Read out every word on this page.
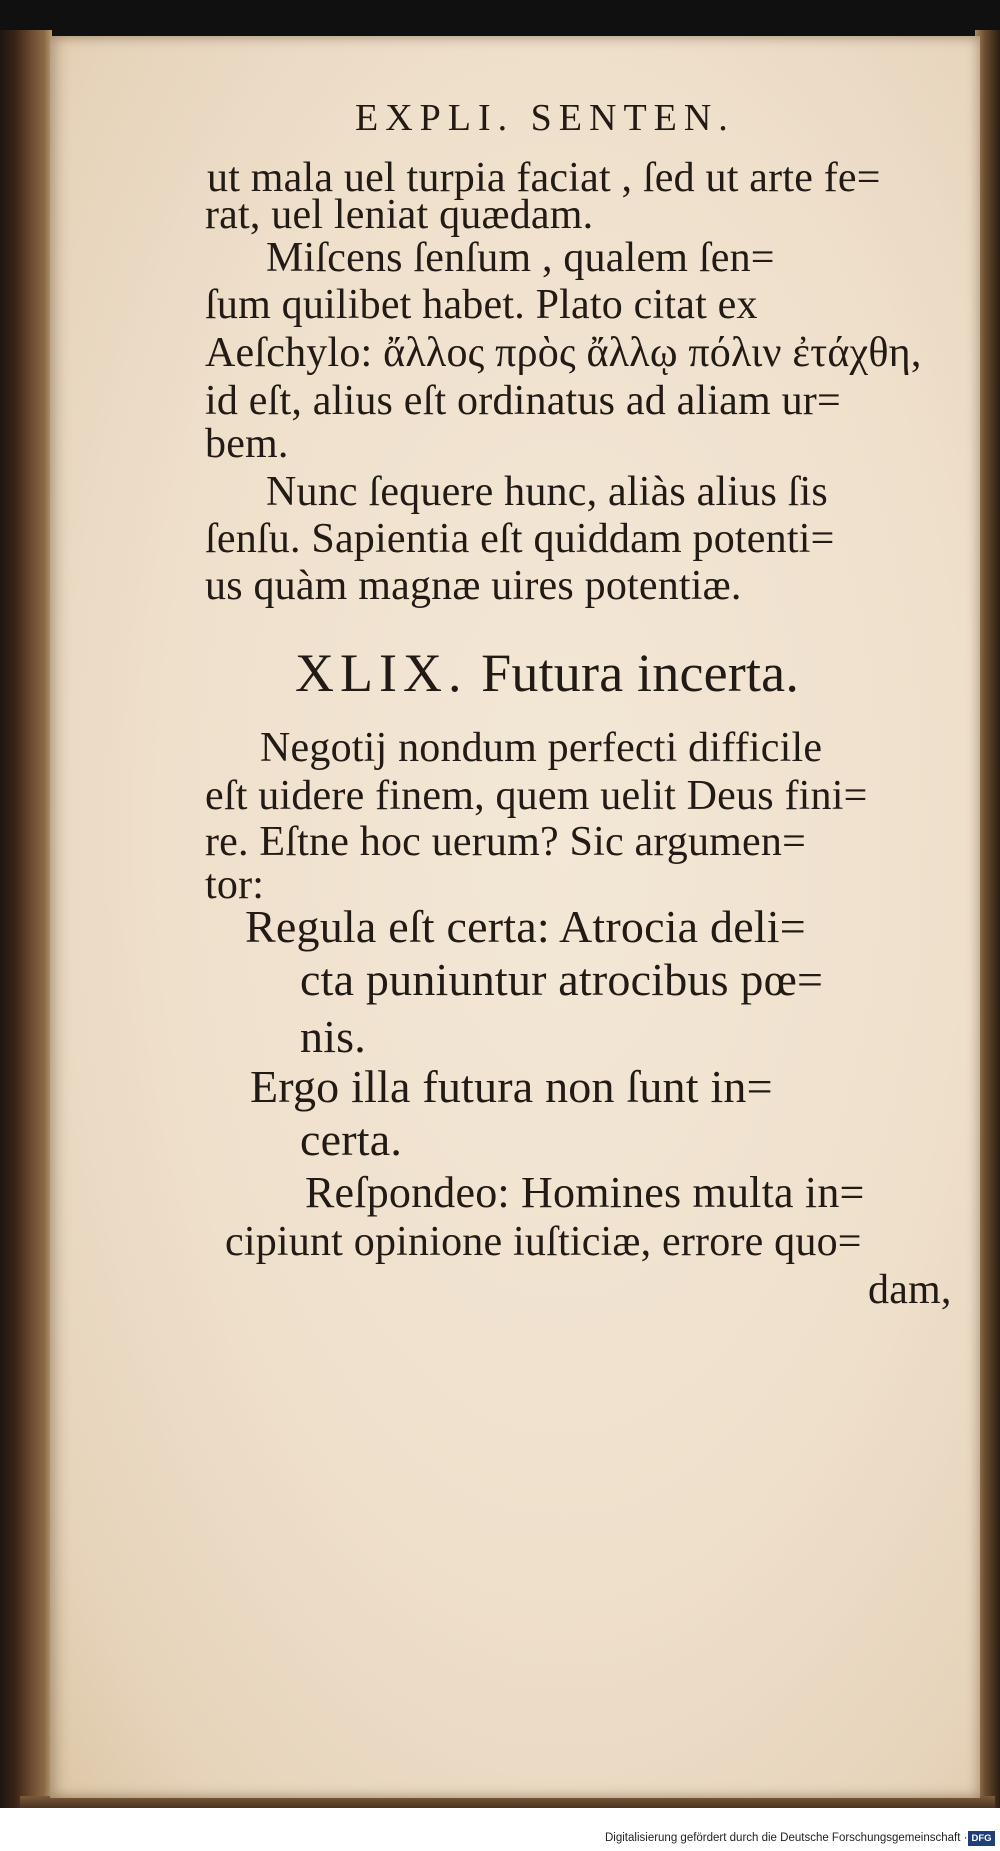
EXPLI. SENTEN.
ut mala uel turpia faciat , ſed ut arte fe=
rat, uel leniat quædam.
Miſcens ſenſum , qualem ſen=
ſum quilibet habet. Plato citat ex
Aeſchylo: ἄλλος πρὸς ἄλλῳ πόλιν ἐτάχθη,
id eſt, alius eſt ordinatus ad aliam ur=
bem.
Nunc ſequere hunc, aliàs alius ſis
ſenſu. Sapientia eſt quiddam potenti=
us quàm magnæ uires potentiæ.
XLIX. Futura incerta.
Negotij nondum perfecti difficile
eſt uidere finem, quem uelit Deus fini=
re. Eſtne hoc uerum? Sic argumen=
tor:
Regula eſt certa: Atrocia deli=
cta puniuntur atrocibus pœ=
nis.
Ergo illa futura non ſunt in=
certa.
Reſpondeo: Homines multa in=
cipiunt opinione iuſticiæ, errore quo=
dam,
Digitalisierung gefördert durch die Deutsche Forschungsgemeinschaft · DFG
